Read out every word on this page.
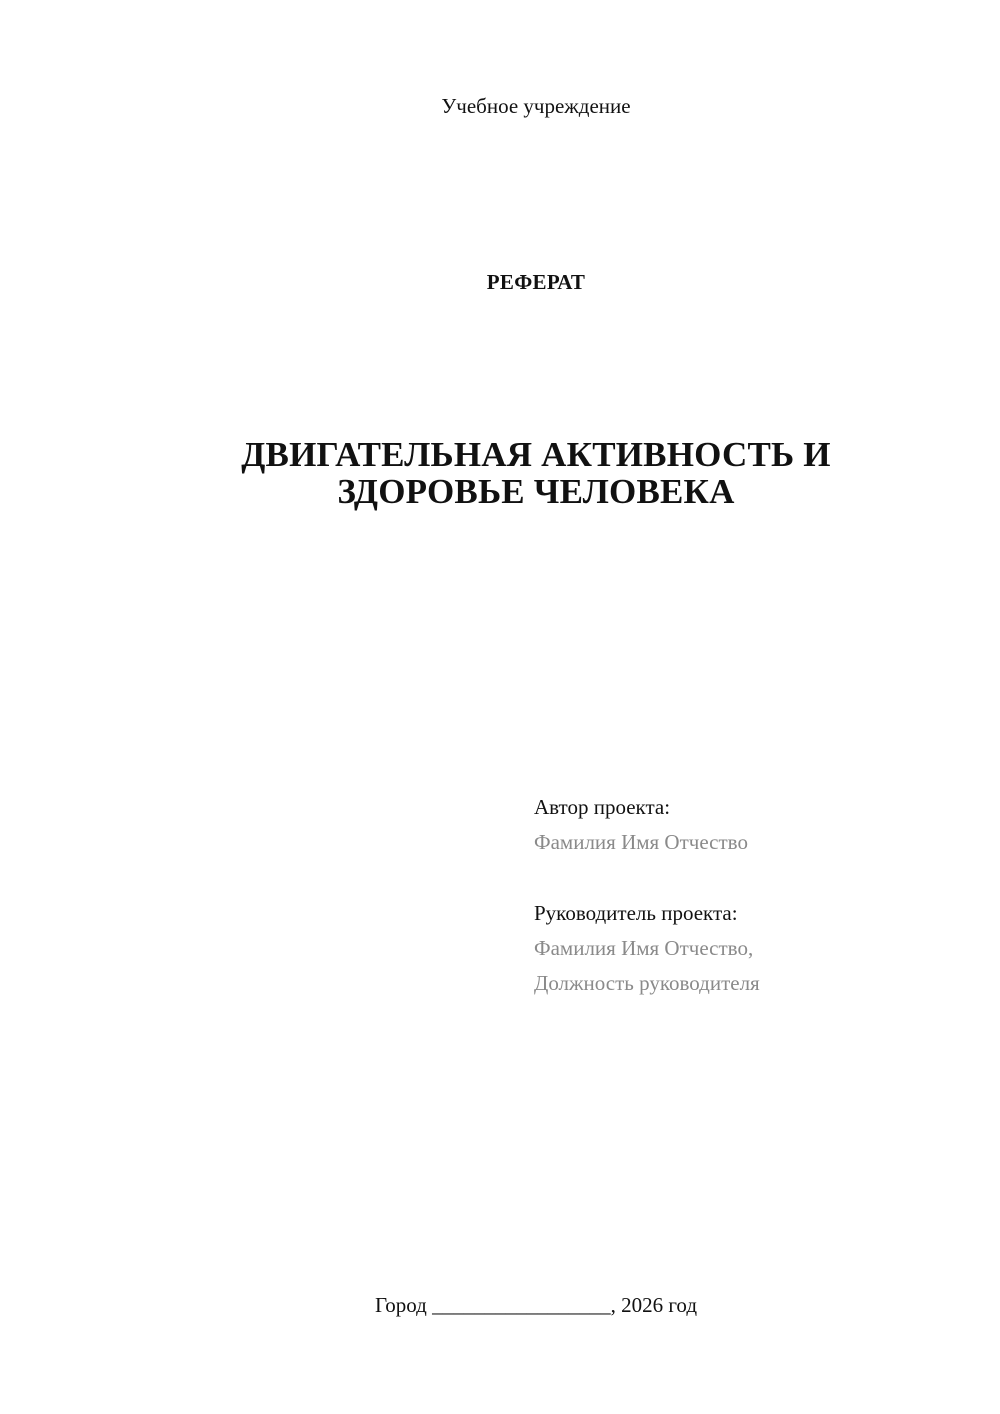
Учебное учреждение
РЕФЕРАТ
ДВИГАТЕЛЬНАЯ АКТИВНОСТЬ И
ЗДОРОВЬЕ ЧЕЛОВЕКА
Автор проекта:
Фамилия Имя Отчество
Руководитель проекта:
Фамилия Имя Отчество,
Должность руководителя
Город _________________, 2026 год
